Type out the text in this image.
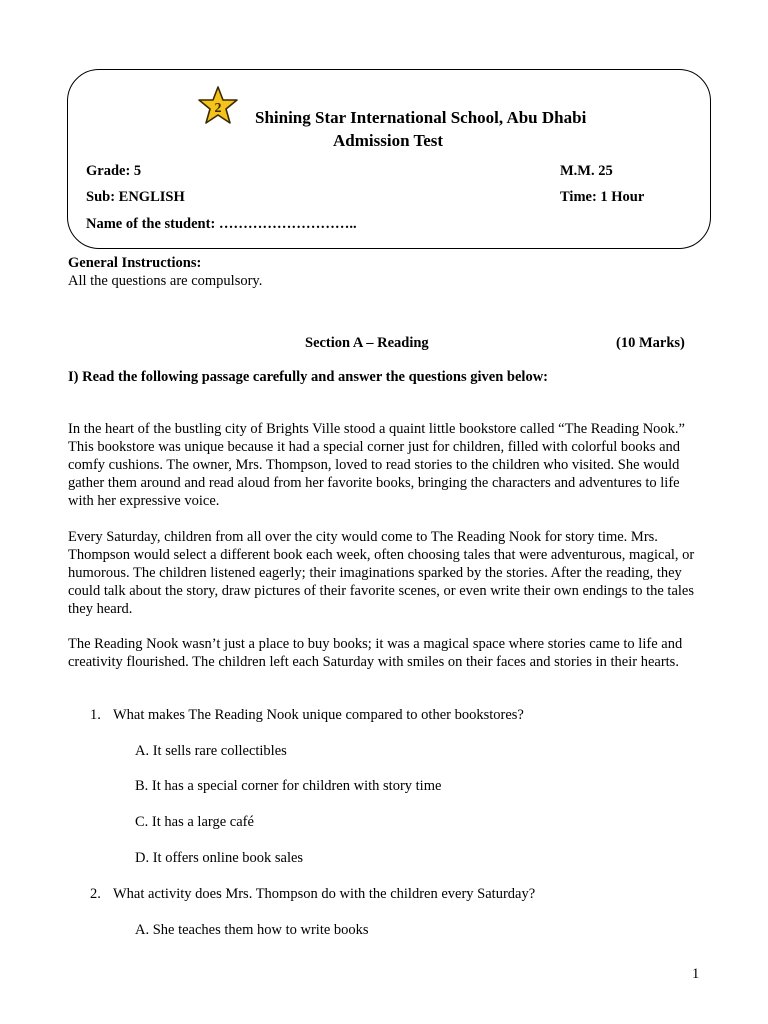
2 Shining Star International School, Abu Dhabi
Admission Test
Grade: 5	M.M. 25
Sub: ENGLISH	Time: 1 Hour
Name of the student: ………………………..
General Instructions:
All the questions are compulsory.
Section A – Reading	(10 Marks)
I) Read the following passage carefully and answer the questions given below:
In the heart of the bustling city of Brights Ville stood a quaint little bookstore called “The Reading Nook.” This bookstore was unique because it had a special corner just for children, filled with colorful books and comfy cushions. The owner, Mrs. Thompson, loved to read stories to the children who visited. She would gather them around and read aloud from her favorite books, bringing the characters and adventures to life with her expressive voice.
Every Saturday, children from all over the city would come to The Reading Nook for story time. Mrs. Thompson would select a different book each week, often choosing tales that were adventurous, magical, or humorous. The children listened eagerly; their imaginations sparked by the stories. After the reading, they could talk about the story, draw pictures of their favorite scenes, or even write their own endings to the tales they heard.
The Reading Nook wasn’t just a place to buy books; it was a magical space where stories came to life and creativity flourished. The children left each Saturday with smiles on their faces and stories in their hearts.
1. What makes The Reading Nook unique compared to other bookstores?
A. It sells rare collectibles
B. It has a special corner for children with story time
C. It has a large café
D. It offers online book sales
2. What activity does Mrs. Thompson do with the children every Saturday?
A. She teaches them how to write books
1
